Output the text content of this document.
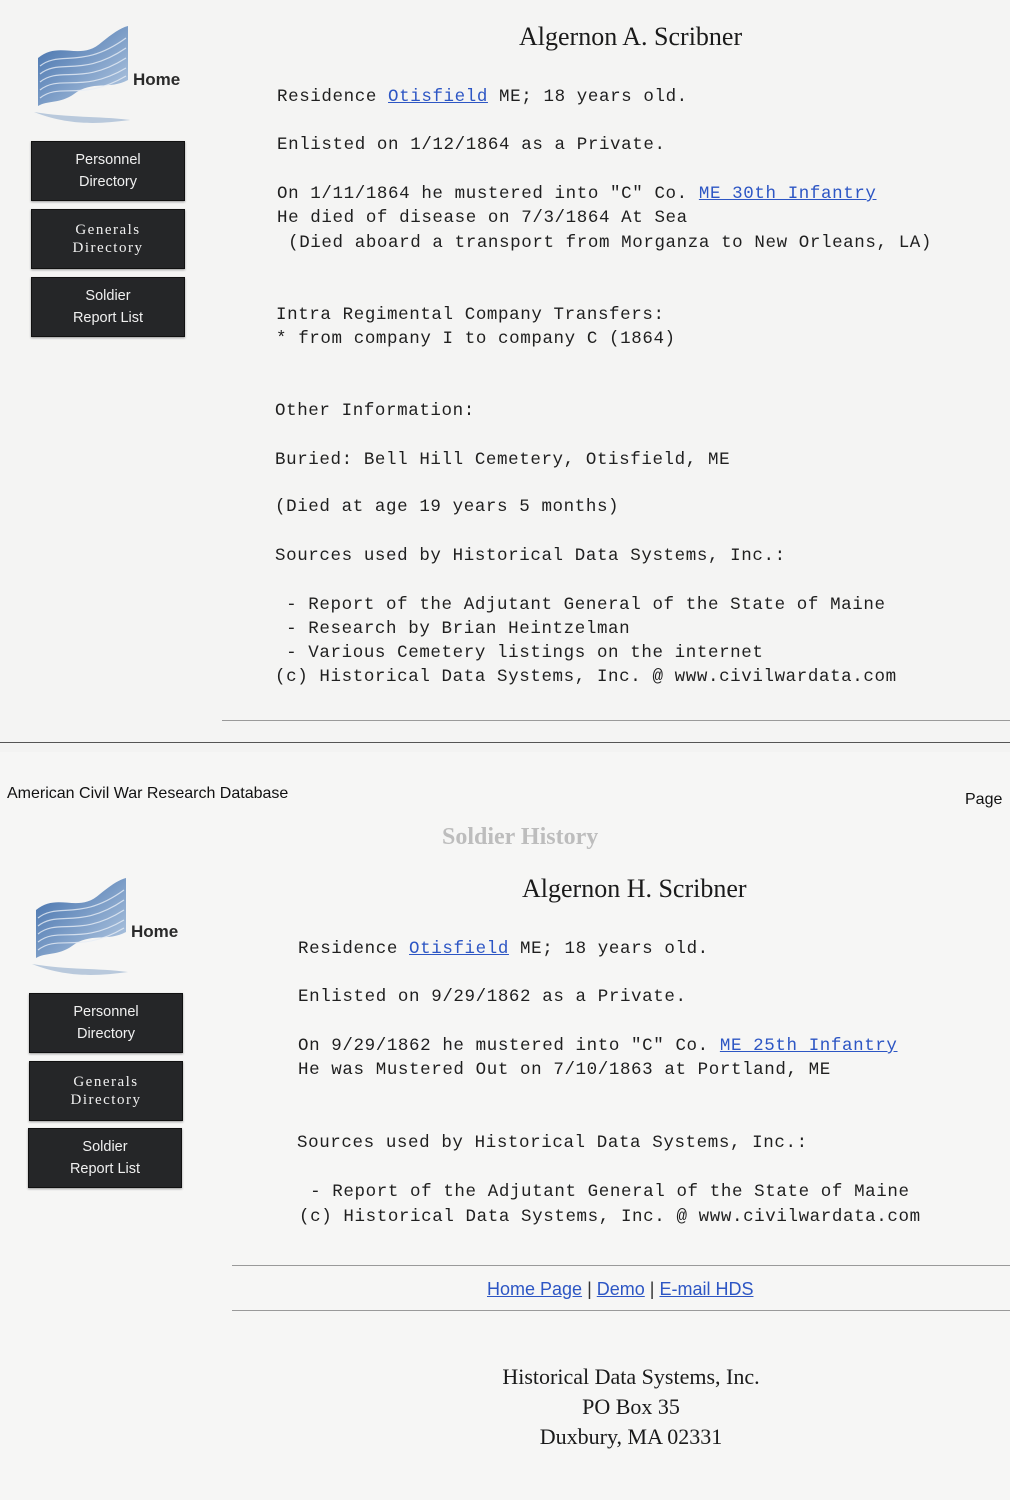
Home
Personnel
Directory
Generals
Directory
Soldier
Report List
Algernon A. Scribner
Residence Otisfield ME; 18 years old.
Enlisted on 1/12/1864 as a Private.
On 1/11/1864 he mustered into "C" Co. ME 30th Infantry
He died of disease on 7/3/1864 At Sea
(Died aboard a transport from Morganza to New Orleans, LA)
Intra Regimental Company Transfers:
* from company I to company C (1864)
Other Information:
Buried: Bell Hill Cemetery, Otisfield, ME
(Died at age 19 years 5 months)
Sources used by Historical Data Systems, Inc.:
- Report of the Adjutant General of the State of Maine
- Research by Brian Heintzelman
- Various Cemetery listings on the internet
(c) Historical Data Systems, Inc. @ www.civilwardata.com
American Civil War Research Database	Page
Soldier History
Home
Personnel
Directory
Generals
Directory
Soldier
Report List
Algernon H. Scribner
Residence Otisfield ME; 18 years old.
Enlisted on 9/29/1862 as a Private.
On 9/29/1862 he mustered into "C" Co. ME 25th Infantry
He was Mustered Out on 7/10/1863 at Portland, ME
Sources used by Historical Data Systems, Inc.:
- Report of the Adjutant General of the State of Maine
(c) Historical Data Systems, Inc. @ www.civilwardata.com
Home Page | Demo | E-mail HDS
Historical Data Systems, Inc.
PO Box 35
Duxbury, MA 02331
